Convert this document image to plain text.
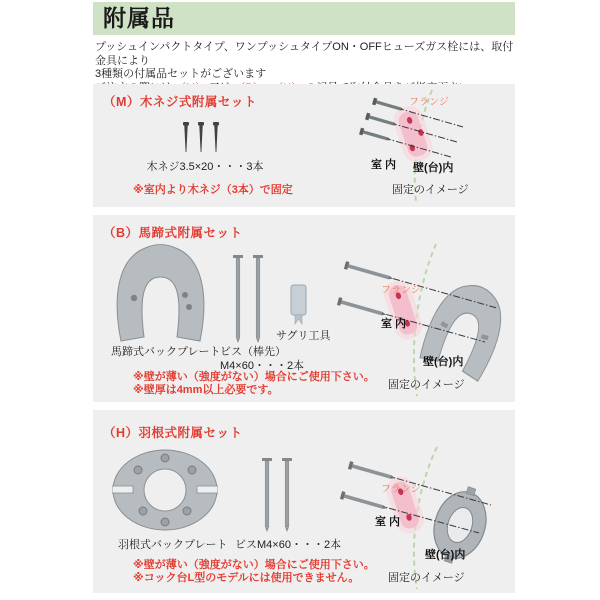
附属品
プッシュインパクトタイプ、ワンプッシュタイプON・OFFヒューズガス栓には、取付金具により
3種類の付属品セットがございます
（M）木ネジ式附属セット
木ネジ3.5×20・・・3本
※室内より木ネジ（3本）で固定
フランジ
室 内 壁(台)内
固定のイメージ
（B）馬蹄式附属セット
馬蹄式バックプレート ビス（棒先）
M4×60・・・2本
サグリ工具
※壁が薄い（強度がない）場合にご使用下さい。
※壁厚は4mm以上必要です。
フランジ
室 内
壁(台)内
固定のイメージ
（H）羽根式附属セット
羽根式バックプレート ビスM4×60・・・2本
※壁が薄い（強度がない）場合にご使用下さい。
※コック台L型のモデルには使用できません。
フランジ
室 内
壁(台)内
固定のイメージ
